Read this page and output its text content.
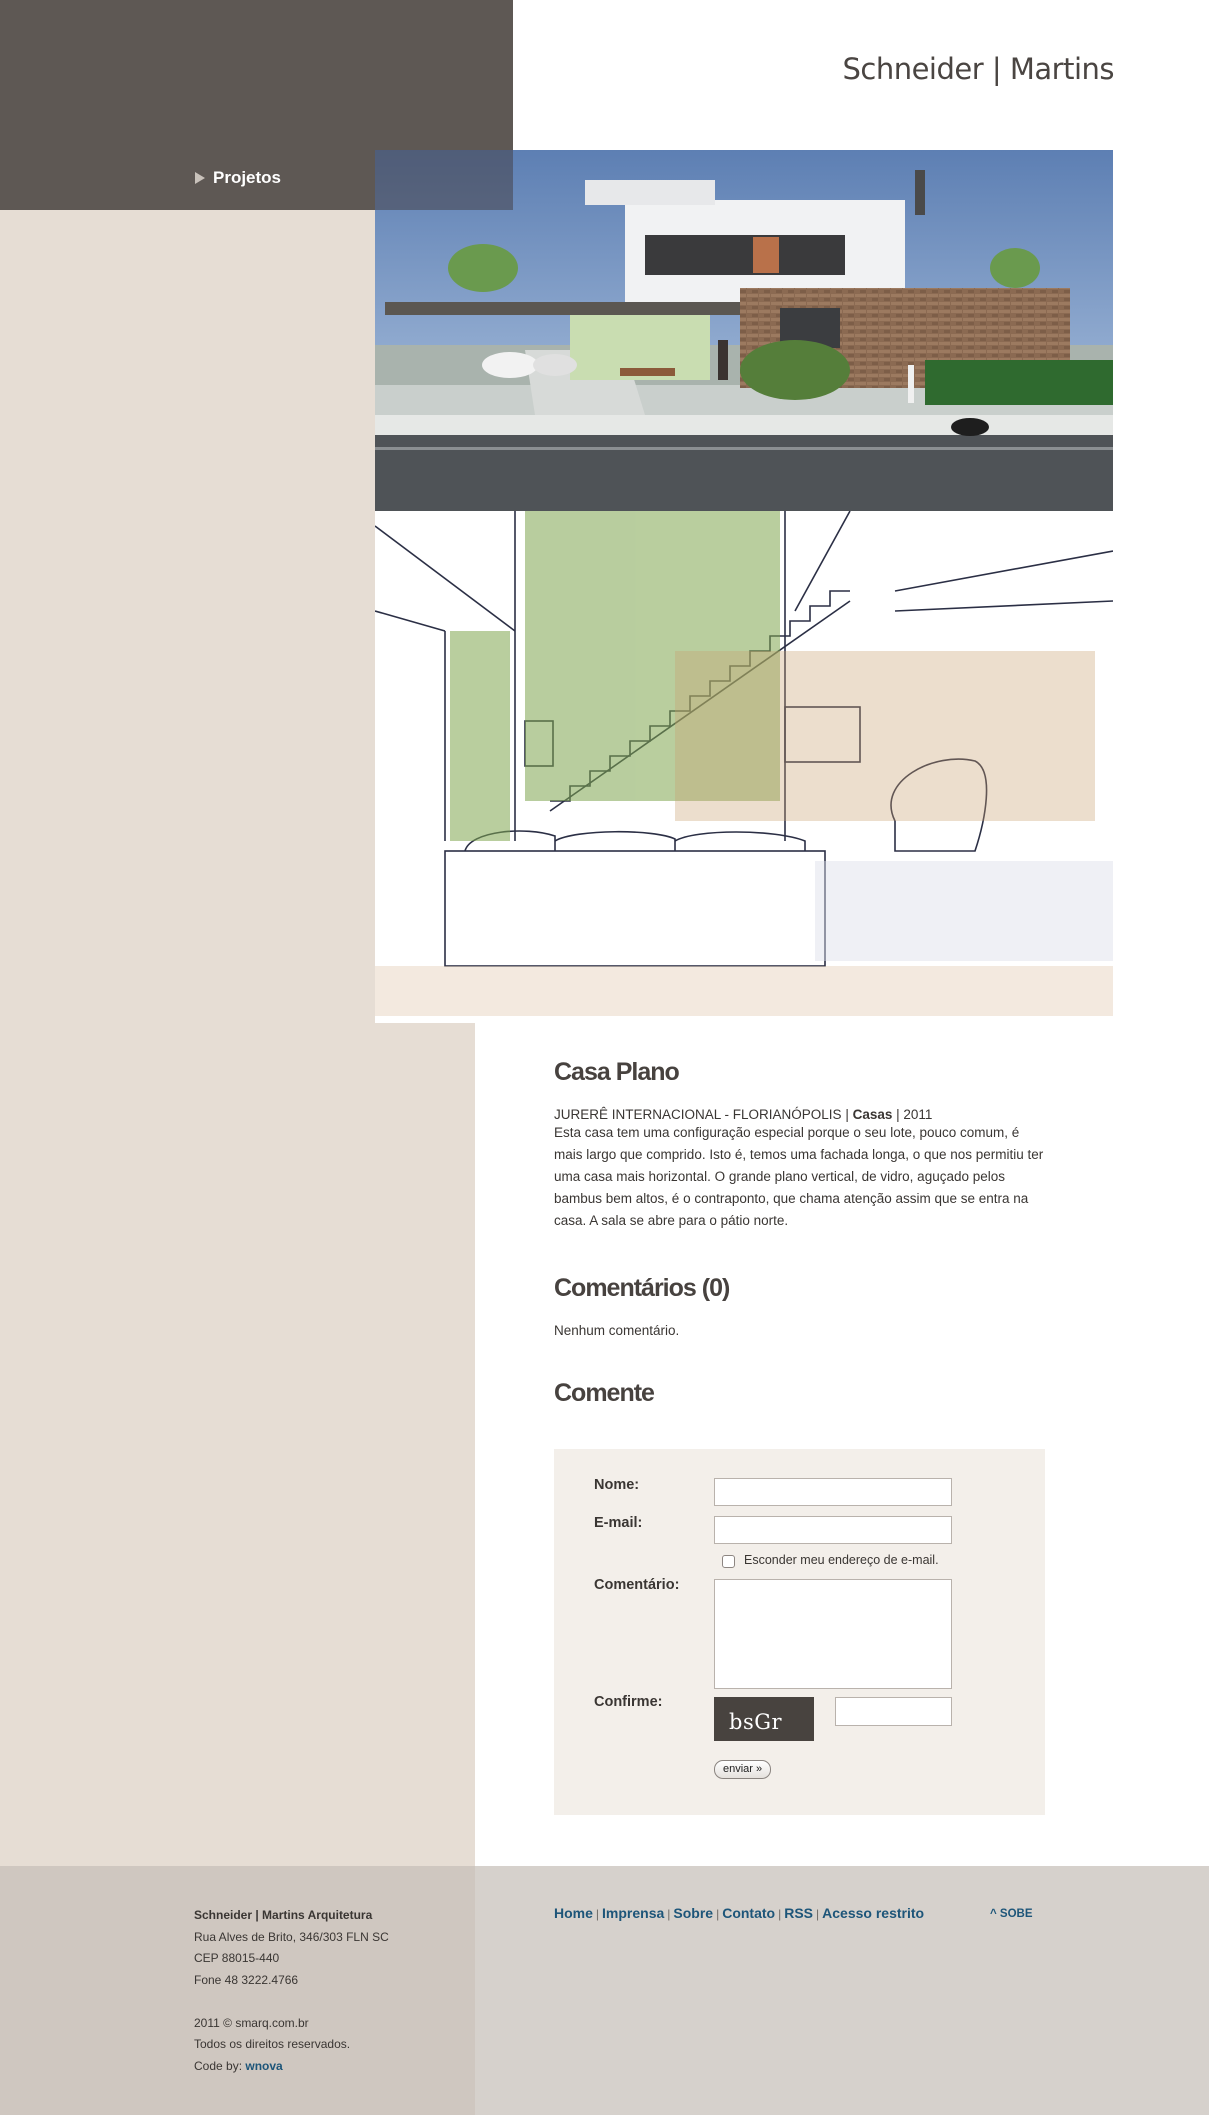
Schneider | Martins
Projetos
Casa Plano
JURERÊ INTERNACIONAL - FLORIANÓPOLIS | Casas | 2011

Esta casa tem uma configuração especial porque o seu lote, pouco comum, é mais largo que comprido. Isto é, temos uma fachada longa, o que nos permitiu ter uma casa mais horizontal. O grande plano vertical, de vidro, aguçado pelos bambus bem altos, é o contraponto, que chama atenção assim que se entra na casa. A sala se abre para o pátio norte.

Comentários (0)
Nenhum comentário.
Comente
Nome:
E-mail:
Esconder meu endereço de e-mail.
Comentário:
Confirme:
bsGr
enviar »
Schneider | Martins Arquitetura
Rua Alves de Brito, 346/303 FLN SC
CEP 88015-440
Fone 48 3222.4766
2011 © smarq.com.br
Todos os direitos reservados.
Code by: wnova
Home | Imprensa | Sobre | Contato | RSS | Acesso restrito	^ SOBE
